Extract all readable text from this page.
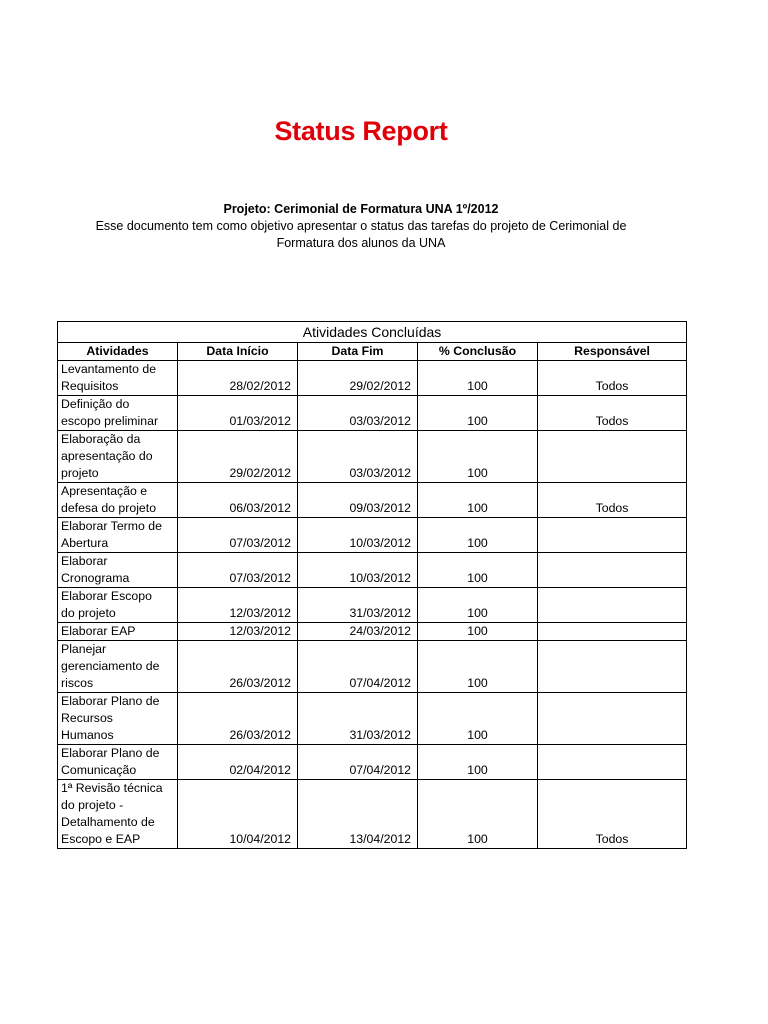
Status Report
Projeto: Cerimonial de Formatura UNA 1º/2012
Esse documento tem como objetivo apresentar o status das tarefas do projeto de Cerimonial de Formatura dos alunos da UNA
Atividades Concluídas				
Atividades	Data Início	Data Fim	% Conclusão	Responsável

Levantamento de
Requisitos	28/02/2012	29/02/2012	100	Todos

Definição do
escopo preliminar	01/03/2012	03/03/2012	100	Todos

Elaboração da
apresentação do
projeto	29/02/2012	03/03/2012	100	

Apresentação e
defesa do projeto	06/03/2012	09/03/2012	100	Todos

Elaborar Termo de
Abertura	07/03/2012	10/03/2012	100	

Elaborar
Cronograma	07/03/2012	10/03/2012	100	

Elaborar Escopo
do projeto	12/03/2012	31/03/2012	100	

Elaborar EAP	12/03/2012	24/03/2012	100	

Planejar
gerenciamento de
riscos	26/03/2012	07/04/2012	100	

Elaborar Plano de
Recursos
Humanos	26/03/2012	31/03/2012	100	

Elaborar Plano de
Comunicação	02/04/2012	07/04/2012	100	

1ª Revisão técnica
do projeto -
Detalhamento de
Escopo e EAP	10/04/2012	13/04/2012	100	Todos
